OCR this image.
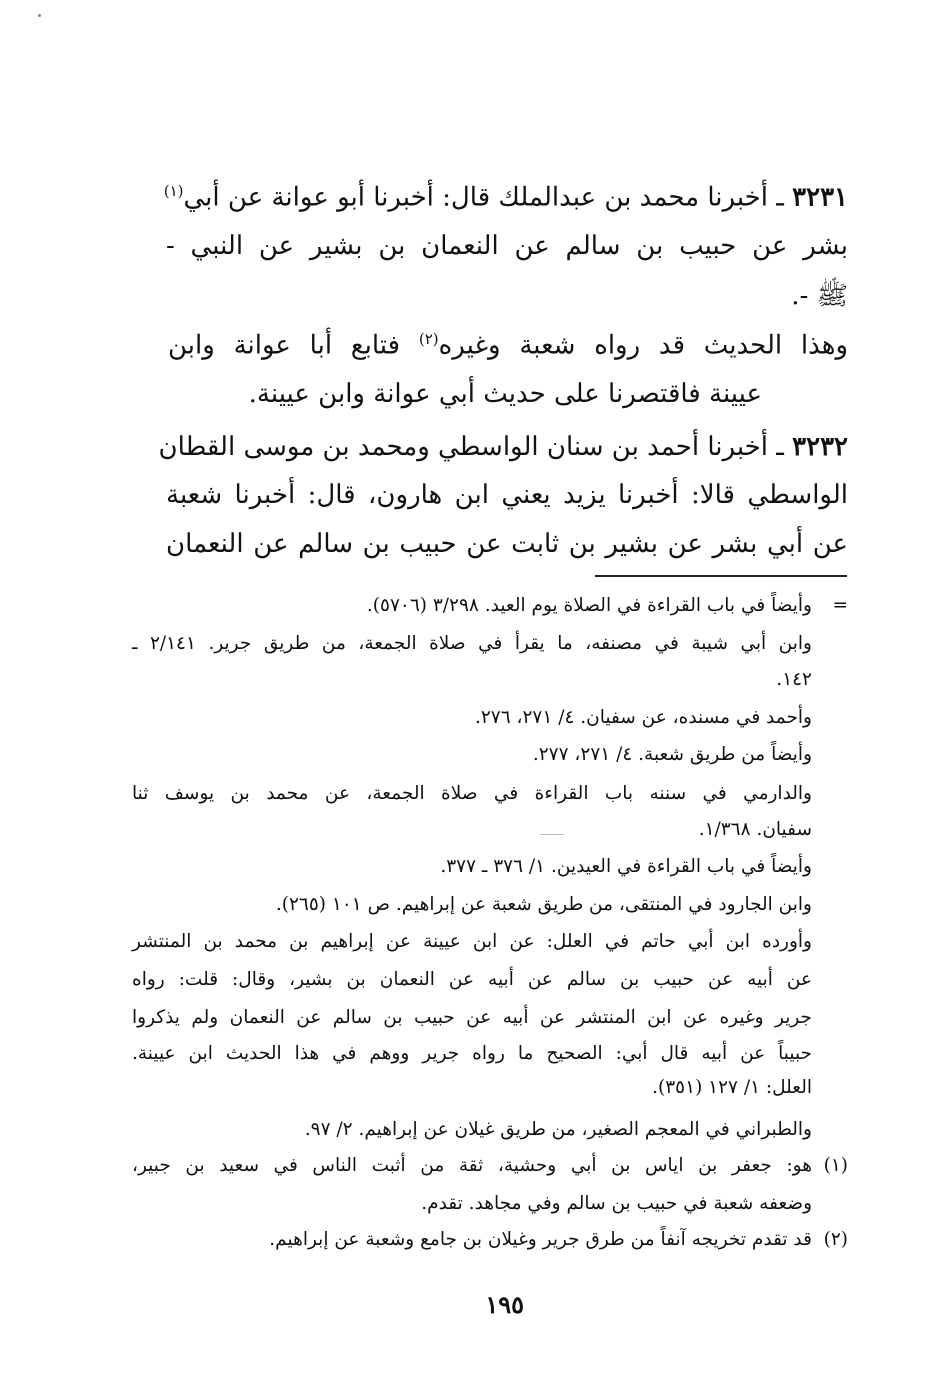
٣٢٣١ ـ أخبرنا محمد بن عبدالملك قال: أخبرنا أبو عوانة عن أبي$^{(١)}$
بشر عن حبيب بن سالم عن النعمان بن بشير عن النبي -
ﷺ -.
وهذا الحديث قد رواه شعبة وغيره$^{(٢)}$ فتابع أبا عوانة وابن
عيينة فاقتصرنا على حديث أبي عوانة وابن عيينة.
٣٢٣٢ ـ أخبرنا أحمد بن سنان الواسطي ومحمد بن موسى القطان
الواسطي قالا: أخبرنا يزيد يعني ابن هارون، قال: أخبرنا شعبة
عن أبي بشر عن بشير بن ثابت عن حبيب بن سالم عن النعمان
=
وأيضاً في باب القراءة في الصلاة يوم العيد. ٣/٢٩٨ (٥٧٠٦).
وابن أبي شيبة في مصنفه، ما يقرأ في صلاة الجمعة، من طريق جرير. ٢/١٤١ ـ
١٤٢.
وأحمد في مسنده، عن سفيان. ٤/ ٢٧١، ٢٧٦.
وأيضاً من طريق شعبة. ٤/ ٢٧١، ٢٧٧.
والدارمي في سننه باب القراءة في صلاة الجمعة، عن محمد بن يوسف ثنا
سفيان. ١/٣٦٨.
وأيضاً في باب القراءة في العيدين. ١/ ٣٧٦ ـ ٣٧٧.
وابن الجارود في المنتقى، من طريق شعبة عن إبراهيم. ص ١٠١ (٢٦٥).
وأورده ابن أبي حاتم في العلل: عن ابن عيينة عن إبراهيم بن محمد بن المنتشر
عن أبيه عن حبيب بن سالم عن أبيه عن النعمان بن بشير، وقال: قلت: رواه
جرير وغيره عن ابن المنتشر عن أبيه عن حبيب بن سالم عن النعمان ولم يذكروا
حبيباً عن أبيه قال أبي: الصحيح ما رواه جرير ووهم في هذا الحديث ابن عيينة.
العلل: ١/ ١٢٧ (٣٥١).
والطبراني في المعجم الصغير، من طريق غيلان عن إبراهيم. ٢/ ٩٧.
(١)
هو: جعفر بن اياس بن أبي وحشية، ثقة من أثبت الناس في سعيد بن جبير،
وضعفه شعبة في حبيب بن سالم وفي مجاهد. تقدم.
(٢)
قد تقدم تخريجه آنفاً من طرق جرير وغيلان بن جامع وشعبة عن إبراهيم.
١٩٥
